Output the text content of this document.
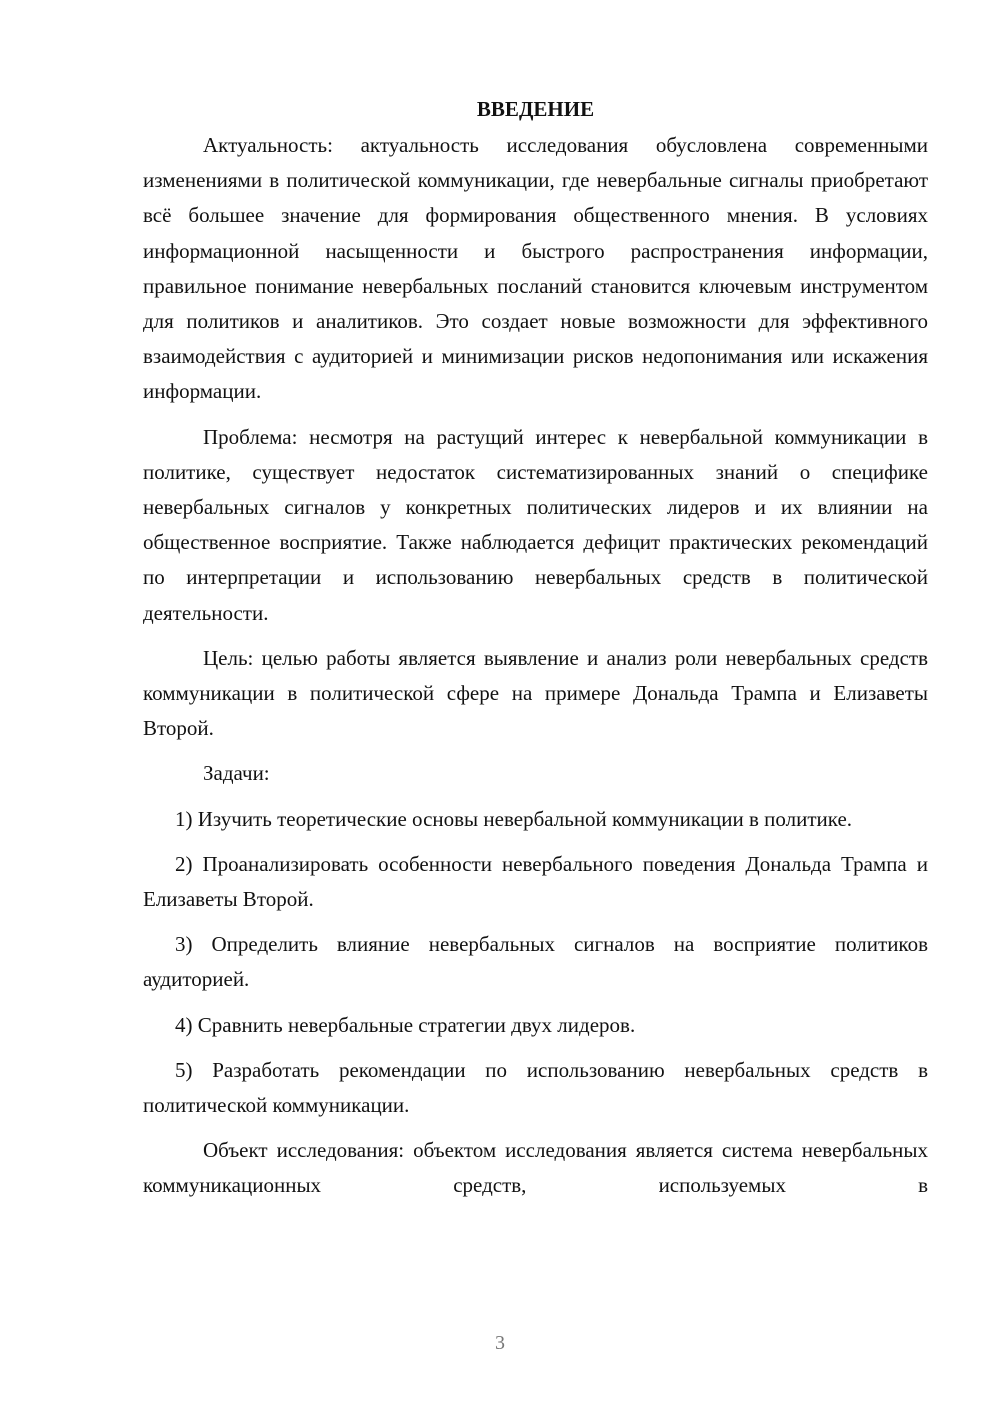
ВВЕДЕНИЕ

Актуальность: актуальность исследования обусловлена современными изменениями в политической коммуникации, где невербальные сигналы приобретают всё большее значение для формирования общественного мнения. В условиях информационной насыщенности и быстрого распространения информации, правильное понимание невербальных посланий становится ключевым инструментом для политиков и аналитиков. Это создает новые возможности для эффективного взаимодействия с аудиторией и минимизации рисков недопонимания или искажения информации.

Проблема: несмотря на растущий интерес к невербальной коммуникации в политике, существует недостаток систематизированных знаний о специфике невербальных сигналов у конкретных политических лидеров и их влиянии на общественное восприятие. Также наблюдается дефицит практических рекомендаций по интерпретации и использованию невербальных средств в политической деятельности.

Цель: целью работы является выявление и анализ роли невербальных средств коммуникации в политической сфере на примере Дональда Трампа и Елизаветы Второй.

Задачи:

1) Изучить теоретические основы невербальной коммуникации в политике.

2) Проанализировать особенности невербального поведения Дональда Трампа и Елизаветы Второй.

3) Определить влияние невербальных сигналов на восприятие политиков аудиторией.

4) Сравнить невербальные стратегии двух лидеров.

5) Разработать рекомендации по использованию невербальных средств в политической коммуникации.

Объект исследования: объектом исследования является система невербальных коммуникационных средств, используемых в

3
